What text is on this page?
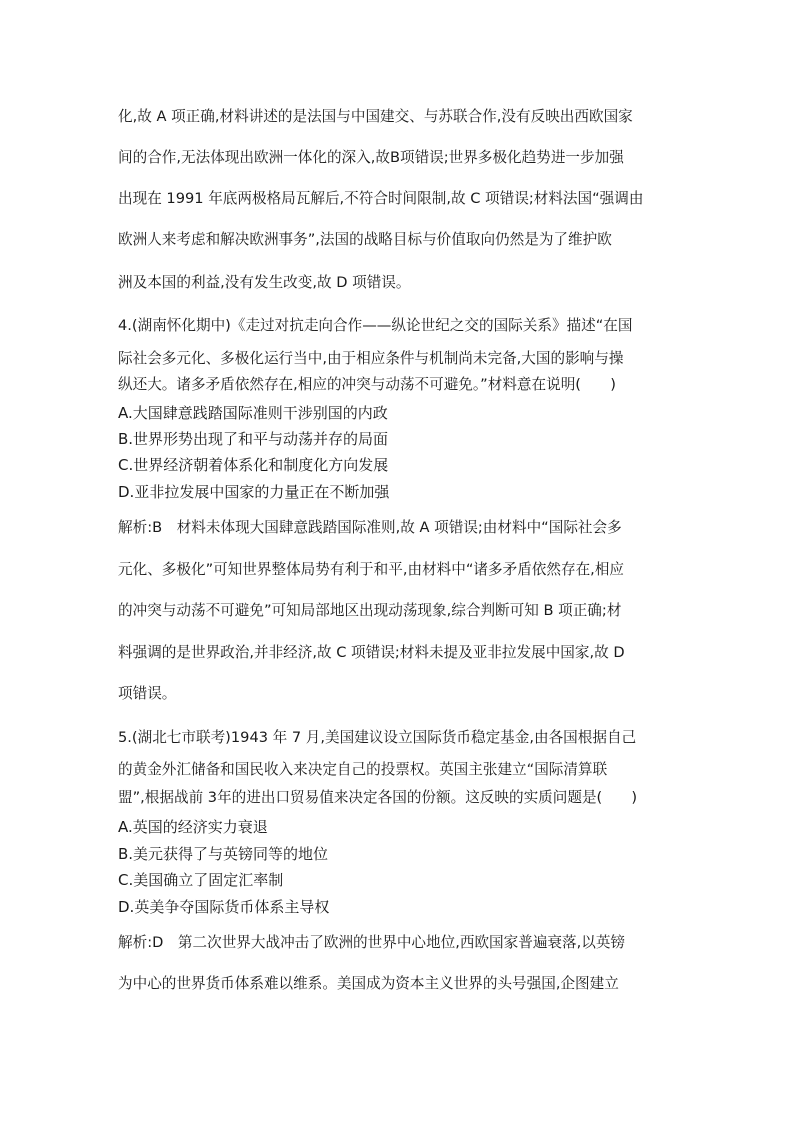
化,故 A 项正确,材料讲述的是法国与中国建交、与苏联合作,没有反映出西欧国家
间的合作,无法体现出欧洲一体化的深入,故B项错误;世界多极化趋势进一步加强
出现在 1991 年底两极格局瓦解后,不符合时间限制,故 C 项错误;材料法国“强调由
欧洲人来考虑和解决欧洲事务”,法国的战略目标与价值取向仍然是为了维护欧
洲及本国的利益,没有发生改变,故 D 项错误。
4.(湖南怀化期中)《走过对抗走向合作——纵论世纪之交的国际关系》描述“在国
际社会多元化、多极化运行当中,由于相应条件与机制尚未完备,大国的影响与操
纵还大。诸多矛盾依然存在,相应的冲突与动荡不可避免。”材料意在说明(　　)
A.大国肆意践踏国际准则干涉别国的内政
B.世界形势出现了和平与动荡并存的局面
C.世界经济朝着体系化和制度化方向发展
D.亚非拉发展中国家的力量正在不断加强
解析:B　材料未体现大国肆意践踏国际准则,故 A 项错误;由材料中“国际社会多
元化、多极化”可知世界整体局势有利于和平,由材料中“诸多矛盾依然存在,相应
的冲突与动荡不可避免”可知局部地区出现动荡现象,综合判断可知 B 项正确;材
料强调的是世界政治,并非经济,故 C 项错误;材料未提及亚非拉发展中国家,故 D
项错误。
5.(湖北七市联考)1943 年 7 月,美国建议设立国际货币稳定基金,由各国根据自己
的黄金外汇储备和国民收入来决定自己的投票权。英国主张建立“国际清算联
盟”,根据战前 3年的进出口贸易值来决定各国的份额。这反映的实质问题是(　　)
A.英国的经济实力衰退
B.美元获得了与英镑同等的地位
C.美国确立了固定汇率制
D.英美争夺国际货币体系主导权
解析:D　第二次世界大战冲击了欧洲的世界中心地位,西欧国家普遍衰落,以英镑
为中心的世界货币体系难以维系。美国成为资本主义世界的头号强国,企图建立
